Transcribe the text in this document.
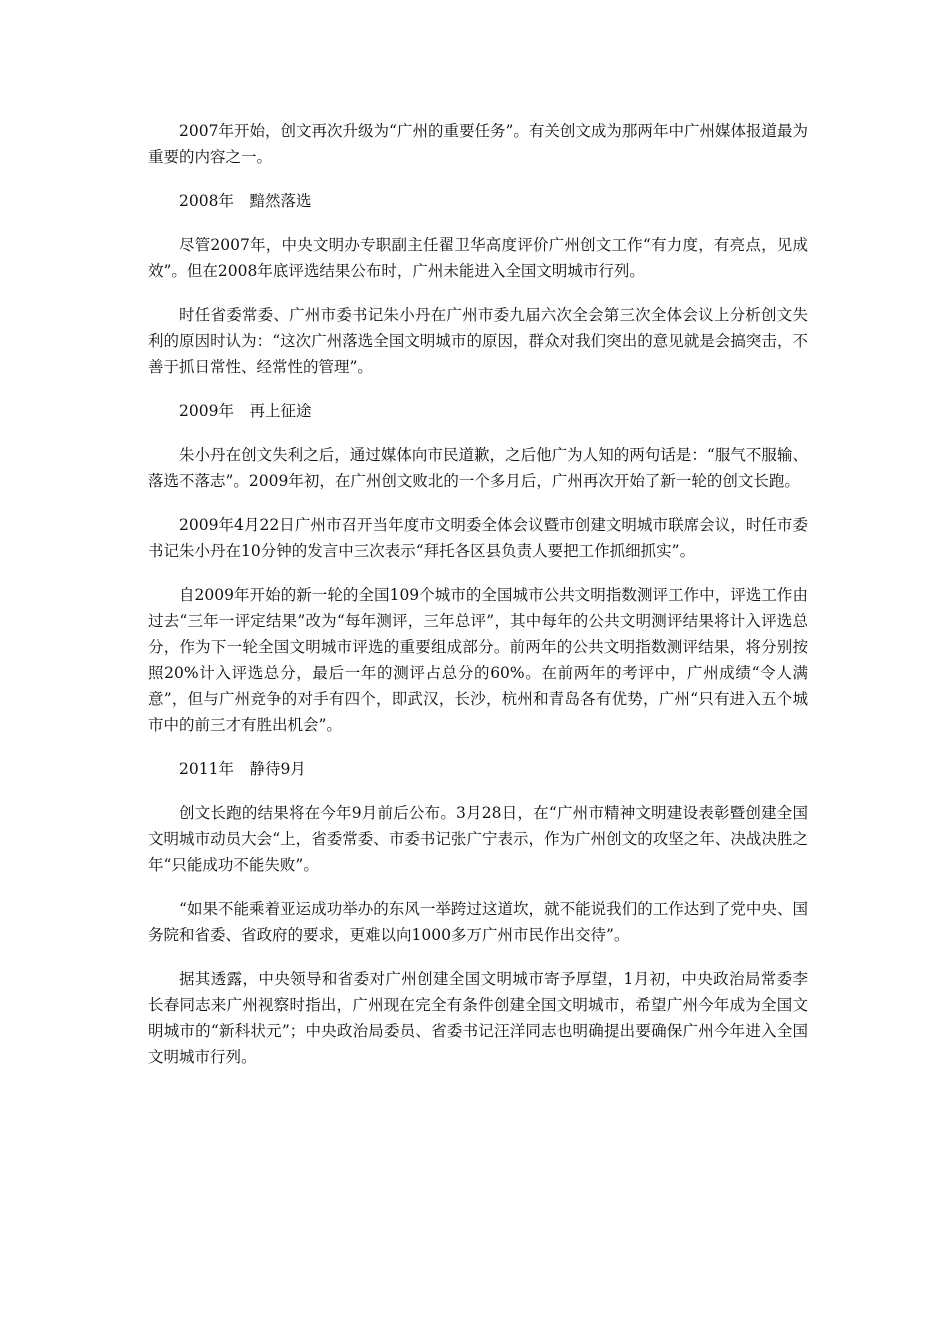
2007年开始，创文再次升级为“广州的重要任务”。有关创文成为那两年中广州媒体报道最为重要的内容之一。

2008年　黯然落选

尽管2007年，中央文明办专职副主任翟卫华高度评价广州创文工作“有力度，有亮点，见成效”。但在2008年底评选结果公布时，广州未能进入全国文明城市行列。

时任省委常委、广州市委书记朱小丹在广州市委九届六次全会第三次全体会议上分析创文失利的原因时认为：“这次广州落选全国文明城市的原因，群众对我们突出的意见就是会搞突击，不善于抓日常性、经常性的管理”。

2009年　再上征途

朱小丹在创文失利之后，通过媒体向市民道歉，之后他广为人知的两句话是：“服气不服输、落选不落志”。2009年初，在广州创文败北的一个多月后，广州再次开始了新一轮的创文长跑。

2009年4月22日广州市召开当年度市文明委全体会议暨市创建文明城市联席会议，时任市委书记朱小丹在10分钟的发言中三次表示“拜托各区县负责人要把工作抓细抓实”。

自2009年开始的新一轮的全国109个城市的全国城市公共文明指数测评工作中，评选工作由过去“三年一评定结果”改为“每年测评，三年总评”，其中每年的公共文明测评结果将计入评选总分，作为下一轮全国文明城市评选的重要组成部分。前两年的公共文明指数测评结果，将分别按照20%计入评选总分，最后一年的测评占总分的60%。在前两年的考评中，广州成绩“令人满意”，但与广州竞争的对手有四个，即武汉，长沙，杭州和青岛各有优势，广州“只有进入五个城市中的前三才有胜出机会”。

2011年　静待9月

创文长跑的结果将在今年9月前后公布。3月28日，在“广州市精神文明建设表彰暨创建全国文明城市动员大会“上，省委常委、市委书记张广宁表示，作为广州创文的攻坚之年、决战决胜之年“只能成功不能失败”。

“如果不能乘着亚运成功举办的东风一举跨过这道坎，就不能说我们的工作达到了党中央、国务院和省委、省政府的要求，更难以向1000多万广州市民作出交待”。

据其透露，中央领导和省委对广州创建全国文明城市寄予厚望，1月初，中央政治局常委李长春同志来广州视察时指出，广州现在完全有条件创建全国文明城市，希望广州今年成为全国文明城市的“新科状元”；中央政治局委员、省委书记汪洋同志也明确提出要确保广州今年进入全国文明城市行列。
